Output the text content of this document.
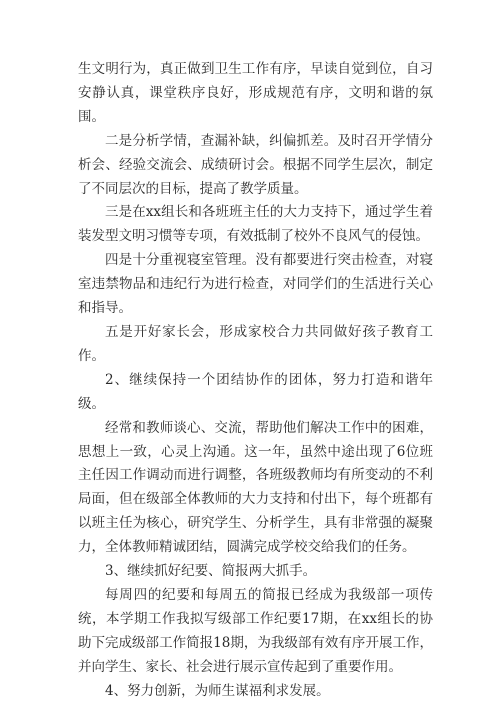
生文明行为，真正做到卫生工作有序，早读自觉到位，自习安静认真，课堂秩序良好，形成规范有序，文明和谐的氛围。

二是分析学情，查漏补缺，纠偏抓差。及时召开学情分析会、经验交流会、成绩研讨会。根据不同学生层次，制定了不同层次的目标，提高了教学质量。

三是在xx组长和各班班主任的大力支持下，通过学生着装发型文明习惯等专项，有效抵制了校外不良风气的侵蚀。

四是十分重视寝室管理。没有都要进行突击检查，对寝室违禁物品和违纪行为进行检查，对同学们的生活进行关心和指导。

五是开好家长会，形成家校合力共同做好孩子教育工作。

2、继续保持一个团结协作的团体，努力打造和谐年级。

经常和教师谈心、交流，帮助他们解决工作中的困难，思想上一致，心灵上沟通。这一年，虽然中途出现了6位班主任因工作调动而进行调整，各班级教师均有所变动的不利局面，但在级部全体教师的大力支持和付出下，每个班都有以班主任为核心，研究学生、分析学生，具有非常强的凝聚力，全体教师精诚团结，圆满完成学校交给我们的任务。

3、继续抓好纪要、简报两大抓手。

每周四的纪要和每周五的简报已经成为我级部一项传统，本学期工作我拟写级部工作纪要17期，在xx组长的协助下完成级部工作简报18期，为我级部有效有序开展工作，并向学生、家长、社会进行展示宣传起到了重要作用。

4、努力创新，为师生谋福利求发展。
